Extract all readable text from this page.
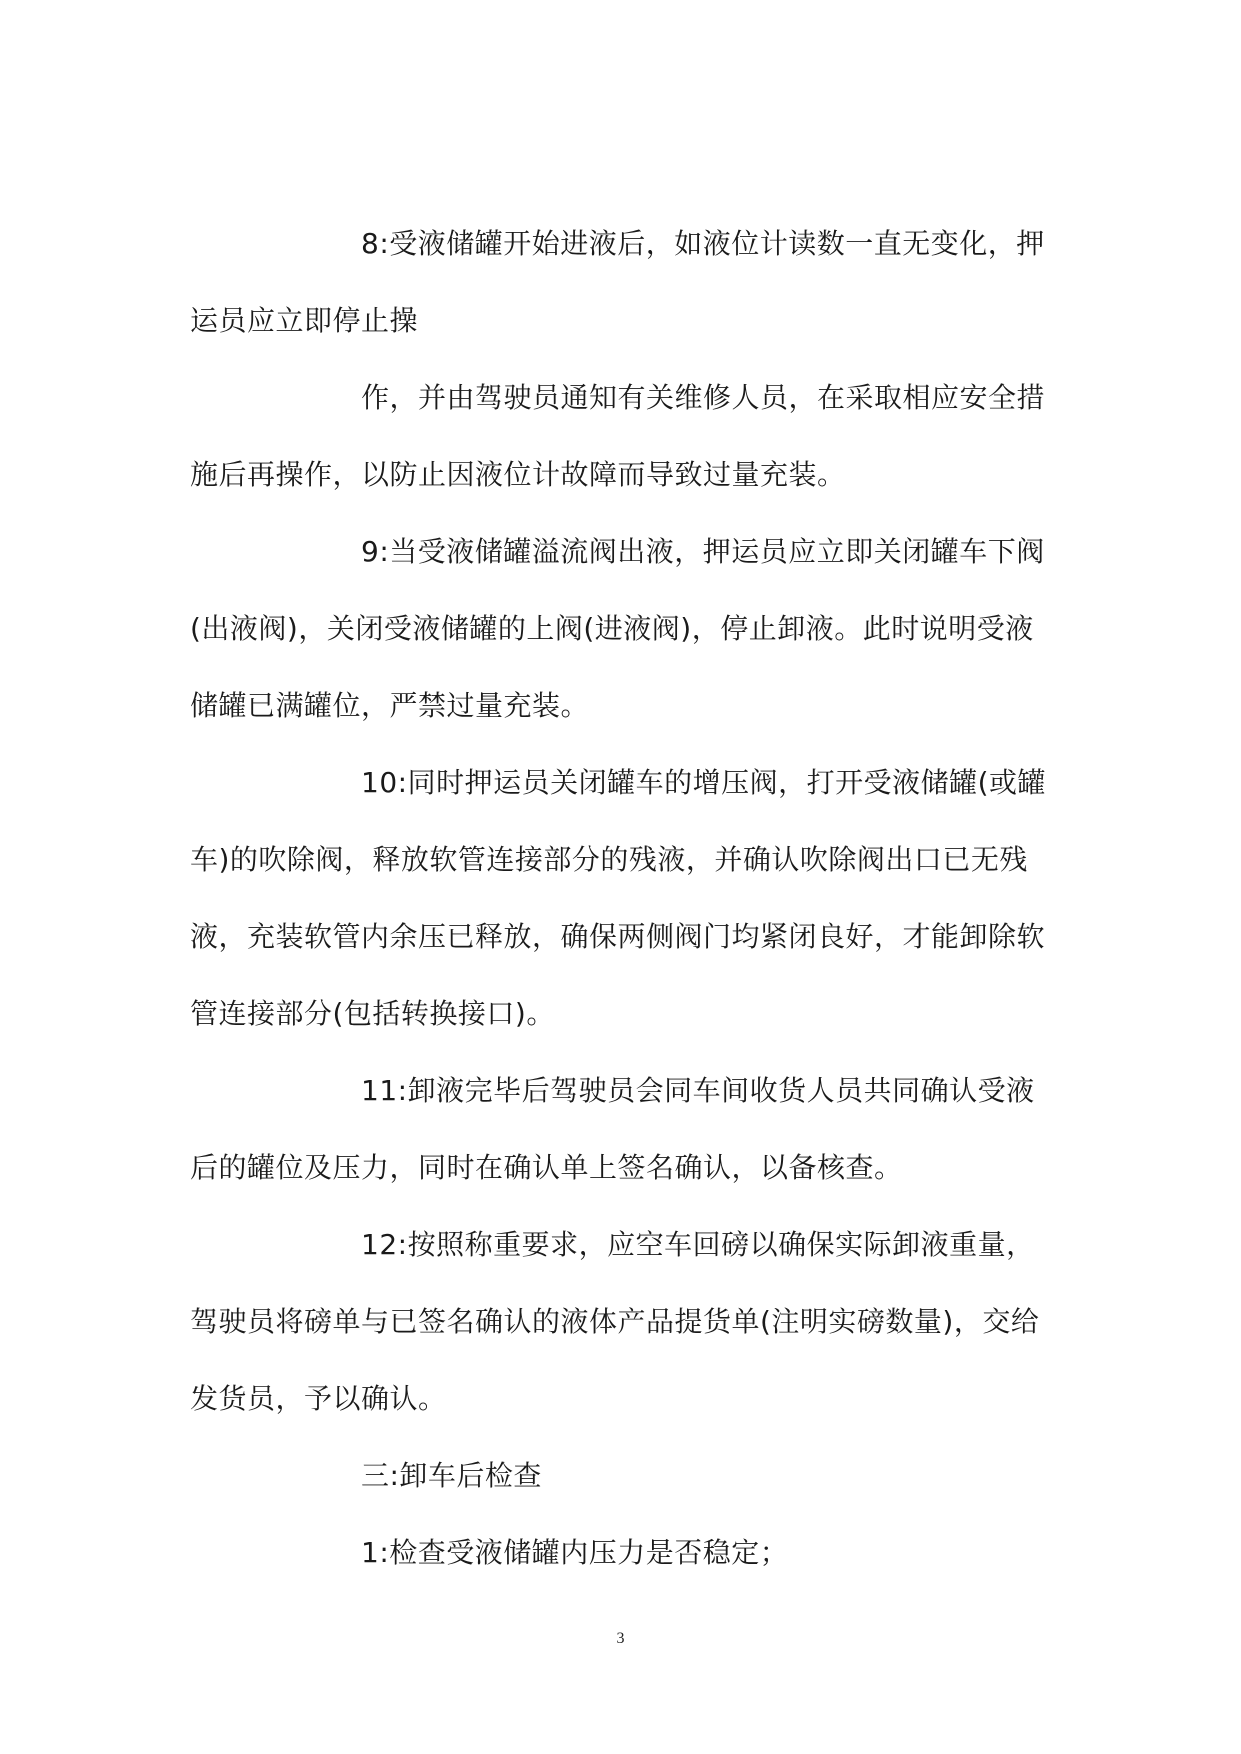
8:受液储罐开始进液后，如液位计读数一直无变化，押
运员应立即停止操
作，并由驾驶员通知有关维修人员，在采取相应安全措
施后再操作，以防止因液位计故障而导致过量充装。
9:当受液储罐溢流阀出液，押运员应立即关闭罐车下阀
(出液阀)，关闭受液储罐的上阀(进液阀)，停止卸液。此时说明受液
储罐已满罐位，严禁过量充装。
10:同时押运员关闭罐车的增压阀，打开受液储罐(或罐
车)的吹除阀，释放软管连接部分的残液，并确认吹除阀出口已无残
液，充装软管内余压已释放，确保两侧阀门均紧闭良好，才能卸除软
管连接部分(包括转换接口)。
11:卸液完毕后驾驶员会同车间收货人员共同确认受液
后的罐位及压力，同时在确认单上签名确认，以备核查。
12:按照称重要求，应空车回磅以确保实际卸液重量，
驾驶员将磅单与已签名确认的液体产品提货单(注明实磅数量)，交给
发货员，予以确认。
三:卸车后检查
1:检查受液储罐内压力是否稳定；
3
